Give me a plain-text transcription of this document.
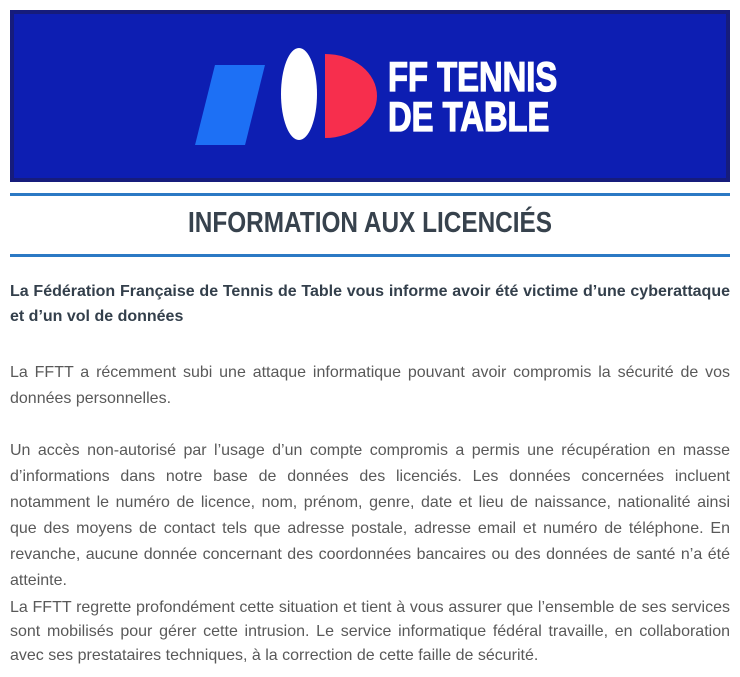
FF TENNIS
DE TABLE
INFORMATION AUX LICENCIÉS

La Fédération Française de Tennis de Table vous informe avoir été victime d’une cyberattaque et d’un vol de données

La FFTT a récemment subi une attaque informatique pouvant avoir compromis la sécurité de vos données personnelles.

Un accès non-autorisé par l’usage d’un compte compromis a permis une récupération en masse d’informations dans notre base de données des licenciés. Les données concernées incluent notamment le numéro de licence, nom, prénom, genre, date et lieu de naissance, nationalité ainsi que des moyens de contact tels que adresse postale, adresse email et numéro de téléphone. En revanche, aucune donnée concernant des coordonnées bancaires ou des données de santé n’a été atteinte.

La FFTT regrette profondément cette situation et tient à vous assurer que l’ensemble de ses services sont mobilisés pour gérer cette intrusion. Le service informatique fédéral travaille, en collaboration avec ses prestataires techniques, à la correction de cette faille de sécurité.
